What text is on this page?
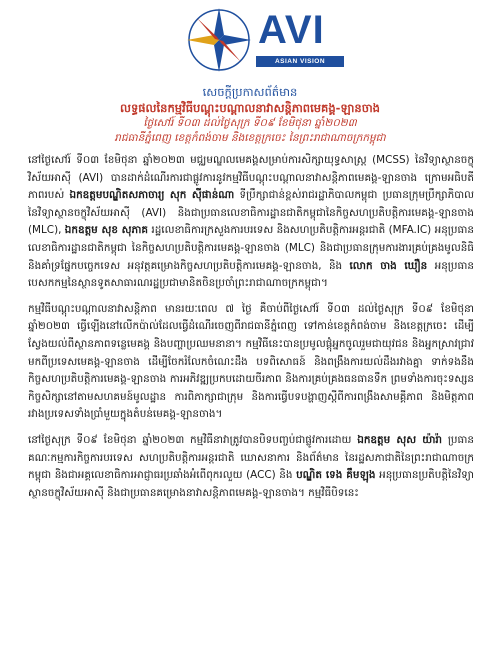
AVI
ASIAN VISION INSTITUTE
សេចក្តីប្រកាសព័ត៌មាន
លទ្ធផលនៃកម្មវិធីបណ្តុះបណ្តាលនាវាសន្តិភាពមេគង្គ-ឡានចាង
ថ្ងៃសៅរ៍ ទី០៣ ដល់ថ្ងៃសុក្រ ទី០៩ ខែមិថុនា ឆ្នាំ២០២៣
រាជធានីភ្នំពេញ ខេត្តកំពង់ចាម និងខេត្តក្រចេះ នៃព្រះរាជាណាចក្រកម្ពុជា

នៅថ្ងៃសៅរ៍ ទី០៣ ខែមិថុនា ឆ្នាំ២០២៣ មជ្ឈមណ្ឌលមេគង្គសម្រាប់ការសិក្សាយុទ្ធសាស្ត្រ (MCSS) នៃវិទ្យាស្ថានចក្ខុវិស័យអាស៊ី (AVI) បានដាក់ដំណើរការជាផ្លូវការនូវកម្មវិធីបណ្តុះបណ្តាលនាវាសន្តិភាពមេគង្គ-ឡានចាង ក្រោមអធិបតីភាពរបស់ ឯកឧត្តមបណ្ឌិតសភាចារ្យ សុក ស៊ីផាន់ណា ទីប្រឹក្សាជាន់ខ្ពស់រាជរដ្ឋាភិបាលកម្ពុជា ប្រធានក្រុមប្រឹក្សាភិបាលនៃវិទ្យាស្ថានចក្ខុវិស័យអាស៊ី (AVI) និងជាប្រធានលេខាធិការដ្ឋានជាតិកម្ពុជានៃកិច្ចសហប្រតិបត្តិការមេគង្គ-ឡានចាង (MLC), ឯកឧត្តម សុខ សុភាគ រដ្ឋលេខាធិការក្រសួងការបរទេស និងសហប្រតិបត្តិការអន្តរជាតិ (MFA.IC) អនុប្រធានលេខាធិការដ្ឋានជាតិកម្ពុជា នៃកិច្ចសហប្រតិបត្តិការមេគង្គ-ឡានចាង (MLC) និងជាប្រធានក្រុមការងារគ្រប់គ្រងមូលនិធិ និងគាំទ្រផ្នែកបច្ចេកទេស អនុវត្តគម្រោងកិច្ចសហប្រតិបត្តិការមេគង្គ-ឡានចាង, និង លោក ចាង ឃឿន អនុប្រធាន បេសកកម្មនៃស្ថានទូតសាធារណរដ្ឋប្រជាមានិតចិនប្រចាំព្រះរាជាណាចក្រកម្ពុជា។

កម្មវិធីបណ្តុះបណ្តាលនាវាសន្តិភាព មានរយៈពេល ៧ ថ្ងៃ គឺចាប់ពីថ្ងៃសៅរ៍ ទី០៣ ដល់ថ្ងៃសុក្រ ទី០៩ ខែមិថុនា ឆ្នាំ២០២៣ ធ្វើឡើងនៅលើកប៉ាល់ដែលធ្វើដំណើរចេញពីរាជធានីភ្នំពេញ ទៅកាន់ខេត្តកំពង់ចាម និងខេត្តក្រចេះ ដើម្បីស្វែងយល់ពីស្ថានភាពទន្លេមេគង្គ និងបញ្ហាប្រឈមនានា។ កម្មវិធីនេះបានប្រមូលផ្តុំអ្នកចូលរួមជាយុវជន និងអ្នកស្រាវជ្រាវមកពីប្រទេសមេគង្គ-ឡានចាង ដើម្បីចែករំលែកចំណេះដឹង បទពិសោធន៍ និងពង្រឹងការយល់ដឹងរវាងគ្នា ទាក់ទងនឹងកិច្ចសហប្រតិបត្តិការមេគង្គ-ឡានចាង ការអភិវឌ្ឍប្រកបដោយចីរភាព និងការគ្រប់គ្រងធនធានទឹក ព្រមទាំងការចុះទស្សនកិច្ចសិក្សានៅតាមសហគមន៍មូលដ្ឋាន ការពិភាក្សាជាក្រុម និងការធ្វើបទបង្ហាញស្តីពីការពង្រឹងសាមគ្គីភាព និងមិត្តភាពរវាងប្រទេសទាំងប្រាំមួយក្នុងតំបន់មេគង្គ-ឡានចាង។

នៅថ្ងៃសុក្រ ទី០៩ ខែមិថុនា ឆ្នាំ២០២៣ កម្មវិធីនាវាត្រូវបានបិទបញ្ចប់ជាផ្លូវការដោយ ឯកឧត្តម សុស យ៉ារ៉ា ប្រធានគណៈកម្មការកិច្ចការបរទេស សហប្រតិបត្តិការអន្តរជាតិ ឃោសនាការ និងព័ត៌មាន នៃរដ្ឋសភាជាតិនៃព្រះរាជាណាចក្រកម្ពុជា និងជាអគ្គលេខាធិការអាជ្ញាធរប្រឆាំងអំពើពុករលួយ (ACC) និង បណ្ឌិត ទេង គឹមឡុង អនុប្រធានប្រតិបត្តិនៃវិទ្យាស្ថានចក្ខុវិស័យអាស៊ី និងជាប្រធានគម្រោងនាវាសន្តិភាពមេគង្គ-ឡានចាង។ កម្មវិធីបិទនេះ
